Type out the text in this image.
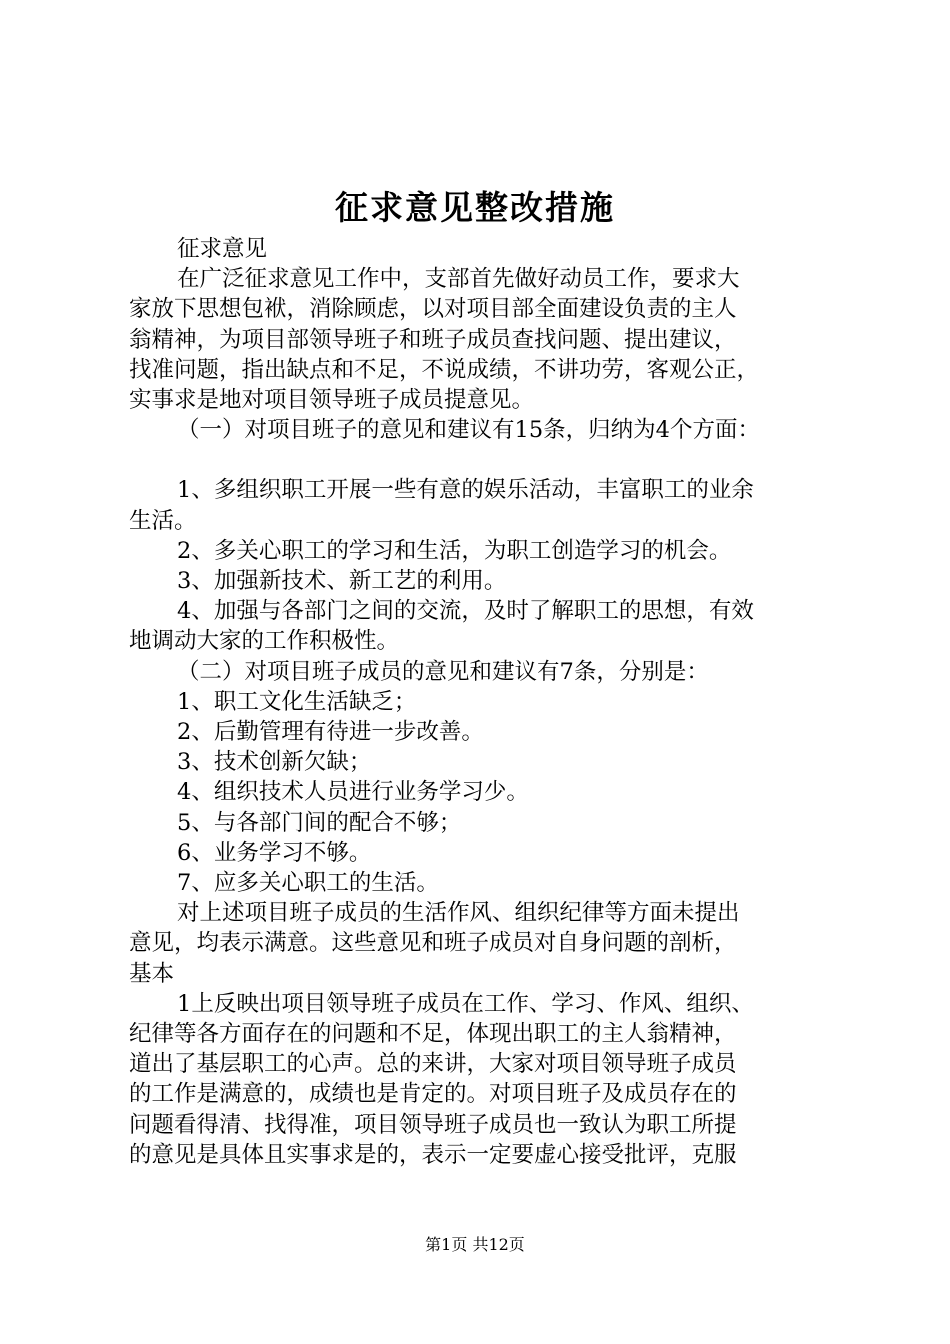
征求意见整改措施

征求意见

在广泛征求意见工作中，支部首先做好动员工作，要求大

家放下思想包袱，消除顾虑，以对项目部全面建设负责的主人

翁精神，为项目部领导班子和班子成员查找问题、提出建议，

找准问题，指出缺点和不足，不说成绩，不讲功劳，客观公正，

实事求是地对项目领导班子成员提意见。

（一）对项目班子的意见和建议有15条，归纳为4个方面：

1、多组织职工开展一些有意的娱乐活动，丰富职工的业余

生活。

2、多关心职工的学习和生活，为职工创造学习的机会。

3、加强新技术、新工艺的利用。

4、加强与各部门之间的交流，及时了解职工的思想，有效

地调动大家的工作积极性。

（二）对项目班子成员的意见和建议有7条，分别是：

1、职工文化生活缺乏；

2、后勤管理有待进一步改善。

3、技术创新欠缺；

4、组织技术人员进行业务学习少。

5、与各部门间的配合不够；

6、业务学习不够。

7、应多关心职工的生活。

对上述项目班子成员的生活作风、组织纪律等方面未提出

意见，均表示满意。这些意见和班子成员对自身问题的剖析，

基本

1上反映出项目领导班子成员在工作、学习、作风、组织、

纪律等各方面存在的问题和不足，体现出职工的主人翁精神，

道出了基层职工的心声。总的来讲，大家对项目领导班子成员

的工作是满意的，成绩也是肯定的。对项目班子及成员存在的

问题看得清、找得准，项目领导班子成员也一致认为职工所提

的意见是具体且实事求是的，表示一定要虚心接受批评，克服

第1页 共12页
